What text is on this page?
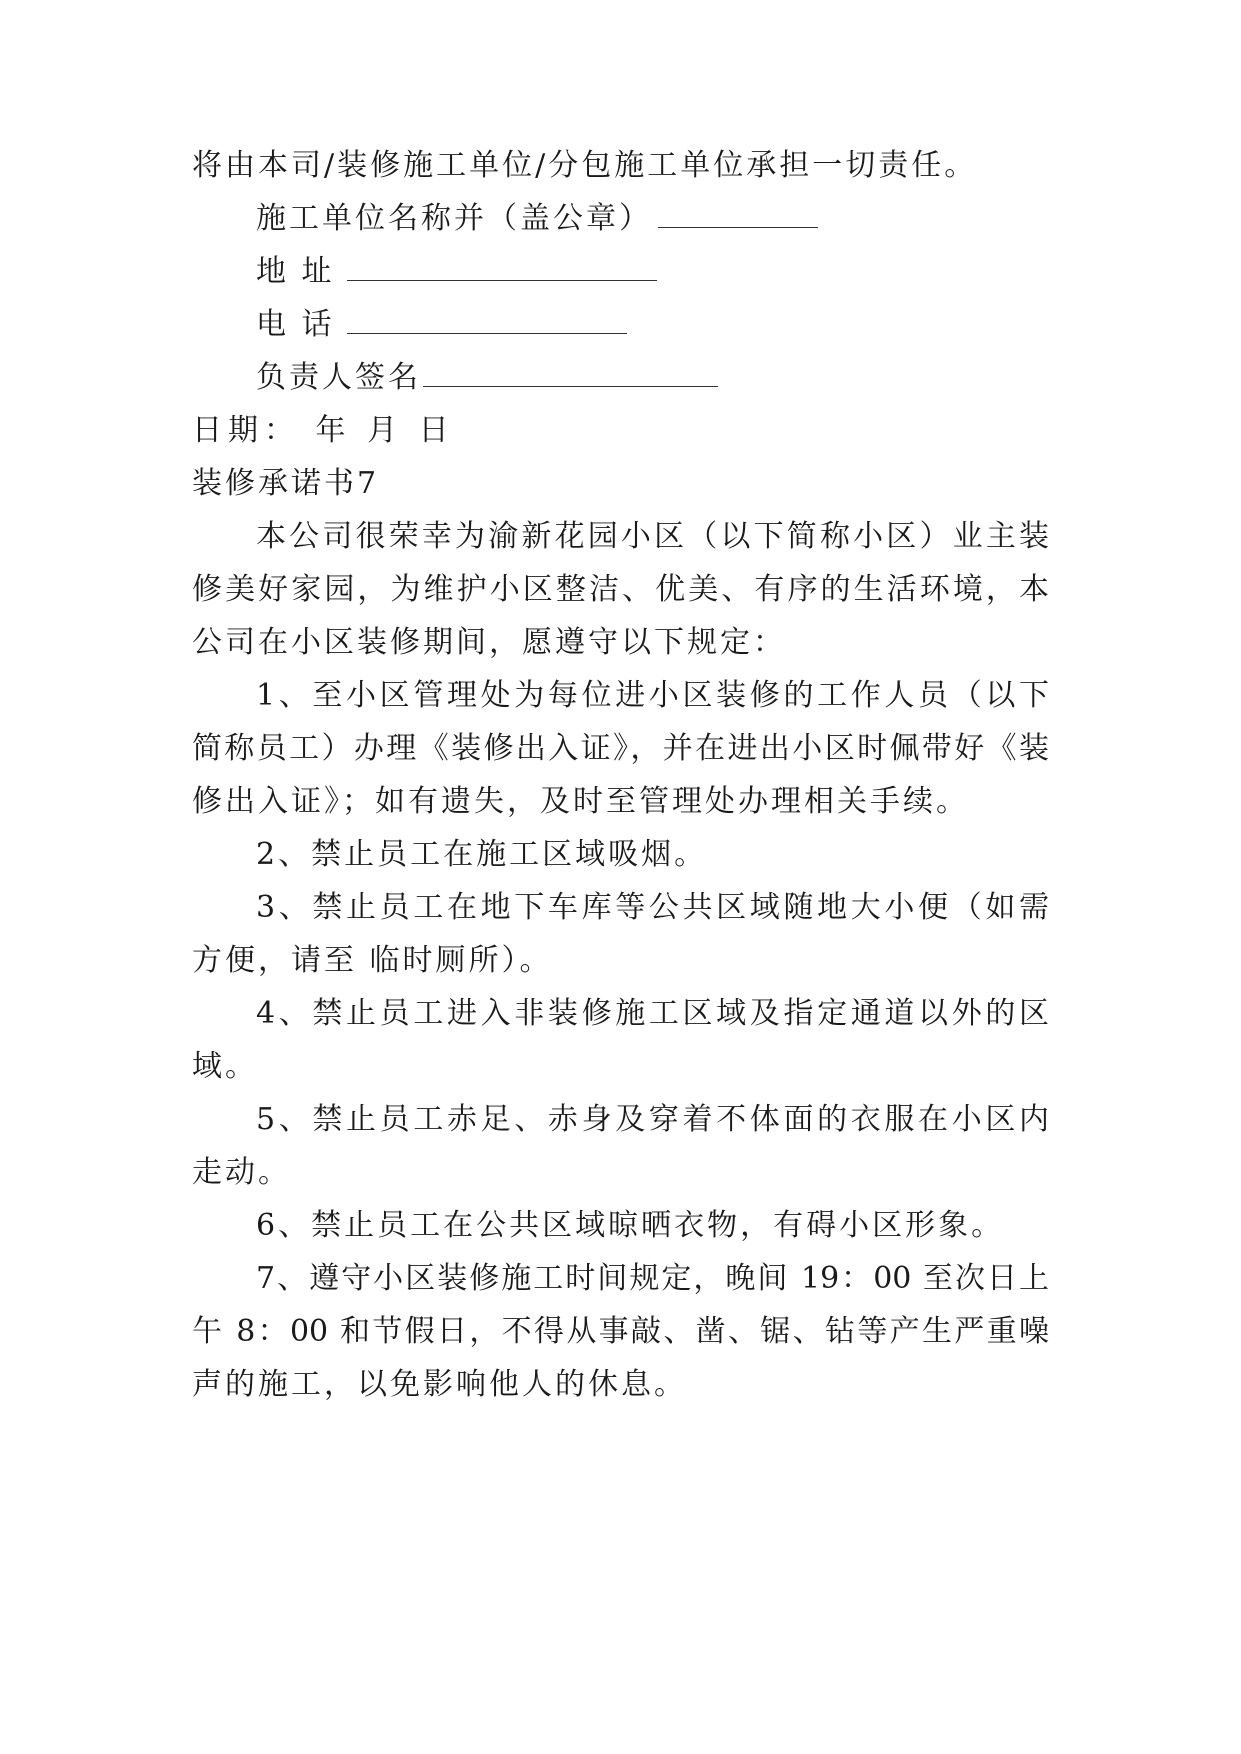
将由本司/装修施工单位/分包施工单位承担一切责任。
施工单位名称并（盖公章）
地 址
电 话
负责人签名
日期： 年 月 日
装修承诺书7
本公司很荣幸为渝新花园小区（以下简称小区）业主装
修美好家园，为维护小区整洁、优美、有序的生活环境，本
公司在小区装修期间，愿遵守以下规定：
1、至小区管理处为每位进小区装修的工作人员（以下
简称员工）办理《装修出入证》，并在进出小区时佩带好《装
修出入证》；如有遗失，及时至管理处办理相关手续。
2、禁止员工在施工区域吸烟。
3、禁止员工在地下车库等公共区域随地大小便（如需
方便，请至 临时厕所）。
4、禁止员工进入非装修施工区域及指定通道以外的区
域。
5、禁止员工赤足、赤身及穿着不体面的衣服在小区内
走动。
6、禁止员工在公共区域晾晒衣物，有碍小区形象。
7、遵守小区装修施工时间规定，晚间 19：00 至次日上
午 8：00 和节假日，不得从事敲、凿、锯、钻等产生严重噪
声的施工，以免影响他人的休息。
